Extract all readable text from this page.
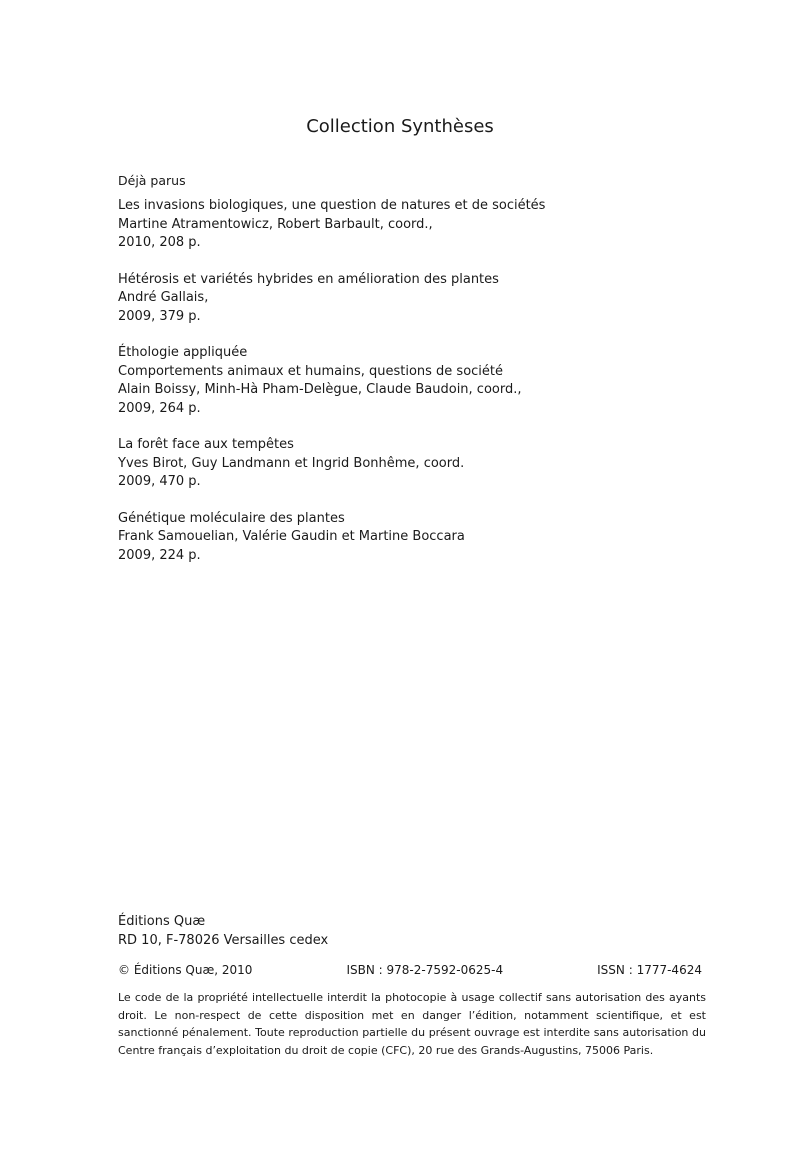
Collection Synthèses
Déjà parus
Les invasions biologiques, une question de natures et de sociétés
Martine Atramentowicz, Robert Barbault, coord.,
2010, 208 p.
Hétérosis et variétés hybrides en amélioration des plantes
André Gallais,
2009, 379 p.
Éthologie appliquée
Comportements animaux et humains, questions de société
Alain Boissy, Minh-Hà Pham-Delègue, Claude Baudoin, coord.,
2009, 264 p.
La forêt face aux tempêtes
Yves Birot, Guy Landmann et Ingrid Bonhême, coord.
2009, 470 p.
Génétique moléculaire des plantes
Frank Samouelian, Valérie Gaudin et Martine Boccara
2009, 224 p.
Éditions Quæ
RD 10, F-78026 Versailles cedex
© Éditions Quæ, 2010	ISBN : 978-2-7592-0625-4	ISSN : 1777-4624
Le code de la propriété intellectuelle interdit la photocopie à usage collectif sans autorisation des ayants droit. Le non-respect de cette disposition met en danger l’édition, notamment scientifique, et est sanctionné pénalement. Toute reproduction partielle du présent ouvrage est interdite sans autorisation du Centre français d’exploitation du droit de copie (CFC), 20 rue des Grands-Augustins, 75006 Paris.
